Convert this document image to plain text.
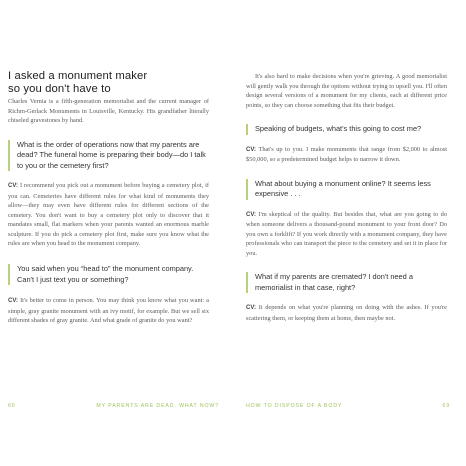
I asked a monument maker
so you don't have to

Charles Vernia is a fifth-generation memorialist and the current manager of Richm-Gerlack Monuments in Louisville, Kentucky. His grandfather literally chiseled gravestones by hand.

What is the order of operations now that my parents are dead? The funeral home is preparing their body—do I talk to you or the cemetery first?

CV: I recommend you pick out a monument before buying a cemetery plot, if you can. Cemeteries have different rules for what kind of monuments they allow—they may even have different rules for different sections of the cemetery. You don't want to buy a cemetery plot only to discover that it mandates small, flat markers when your parents wanted an enormous marble sculpture. If you do pick a cemetery plot first, make sure you know what the rules are when you head to the monument company.

You said when you “head to” the monument company. Can't I just text you or something?

CV: It's better to come in person. You may think you know what you want: a simple, gray granite monument with an ivy motif, for example. But we sell six different shades of gray granite. And what grade of granite do you want?

60	MY PARENTS ARE DEAD. WHAT NOW?

It's also hard to make decisions when you're grieving. A good memorialist will gently walk you through the options without trying to upsell you. I'll often design several versions of a monument for my clients, each at different price points, so they can choose something that fits their budget.

Speaking of budgets, what's this going to cost me?

CV: That's up to you. I make monuments that range from $2,000 to almost $50,000, so a predetermined budget helps to narrow it down.

What about buying a monument online? It seems less expensive . . .

CV: I'm skeptical of the quality. But besides that, what are you going to do when someone delivers a thousand-pound monument to your front door? Do you own a forklift? If you work directly with a monument company, they have professionals who can transport the piece to the cemetery and set it in place for you.

What if my parents are cremated? I don't need a memorialist in that case, right?

CV: It depends on what you're planning on doing with the ashes. If you're scattering them, or keeping them at home, then maybe not.

HOW TO DISPOSE OF A BODY	69
